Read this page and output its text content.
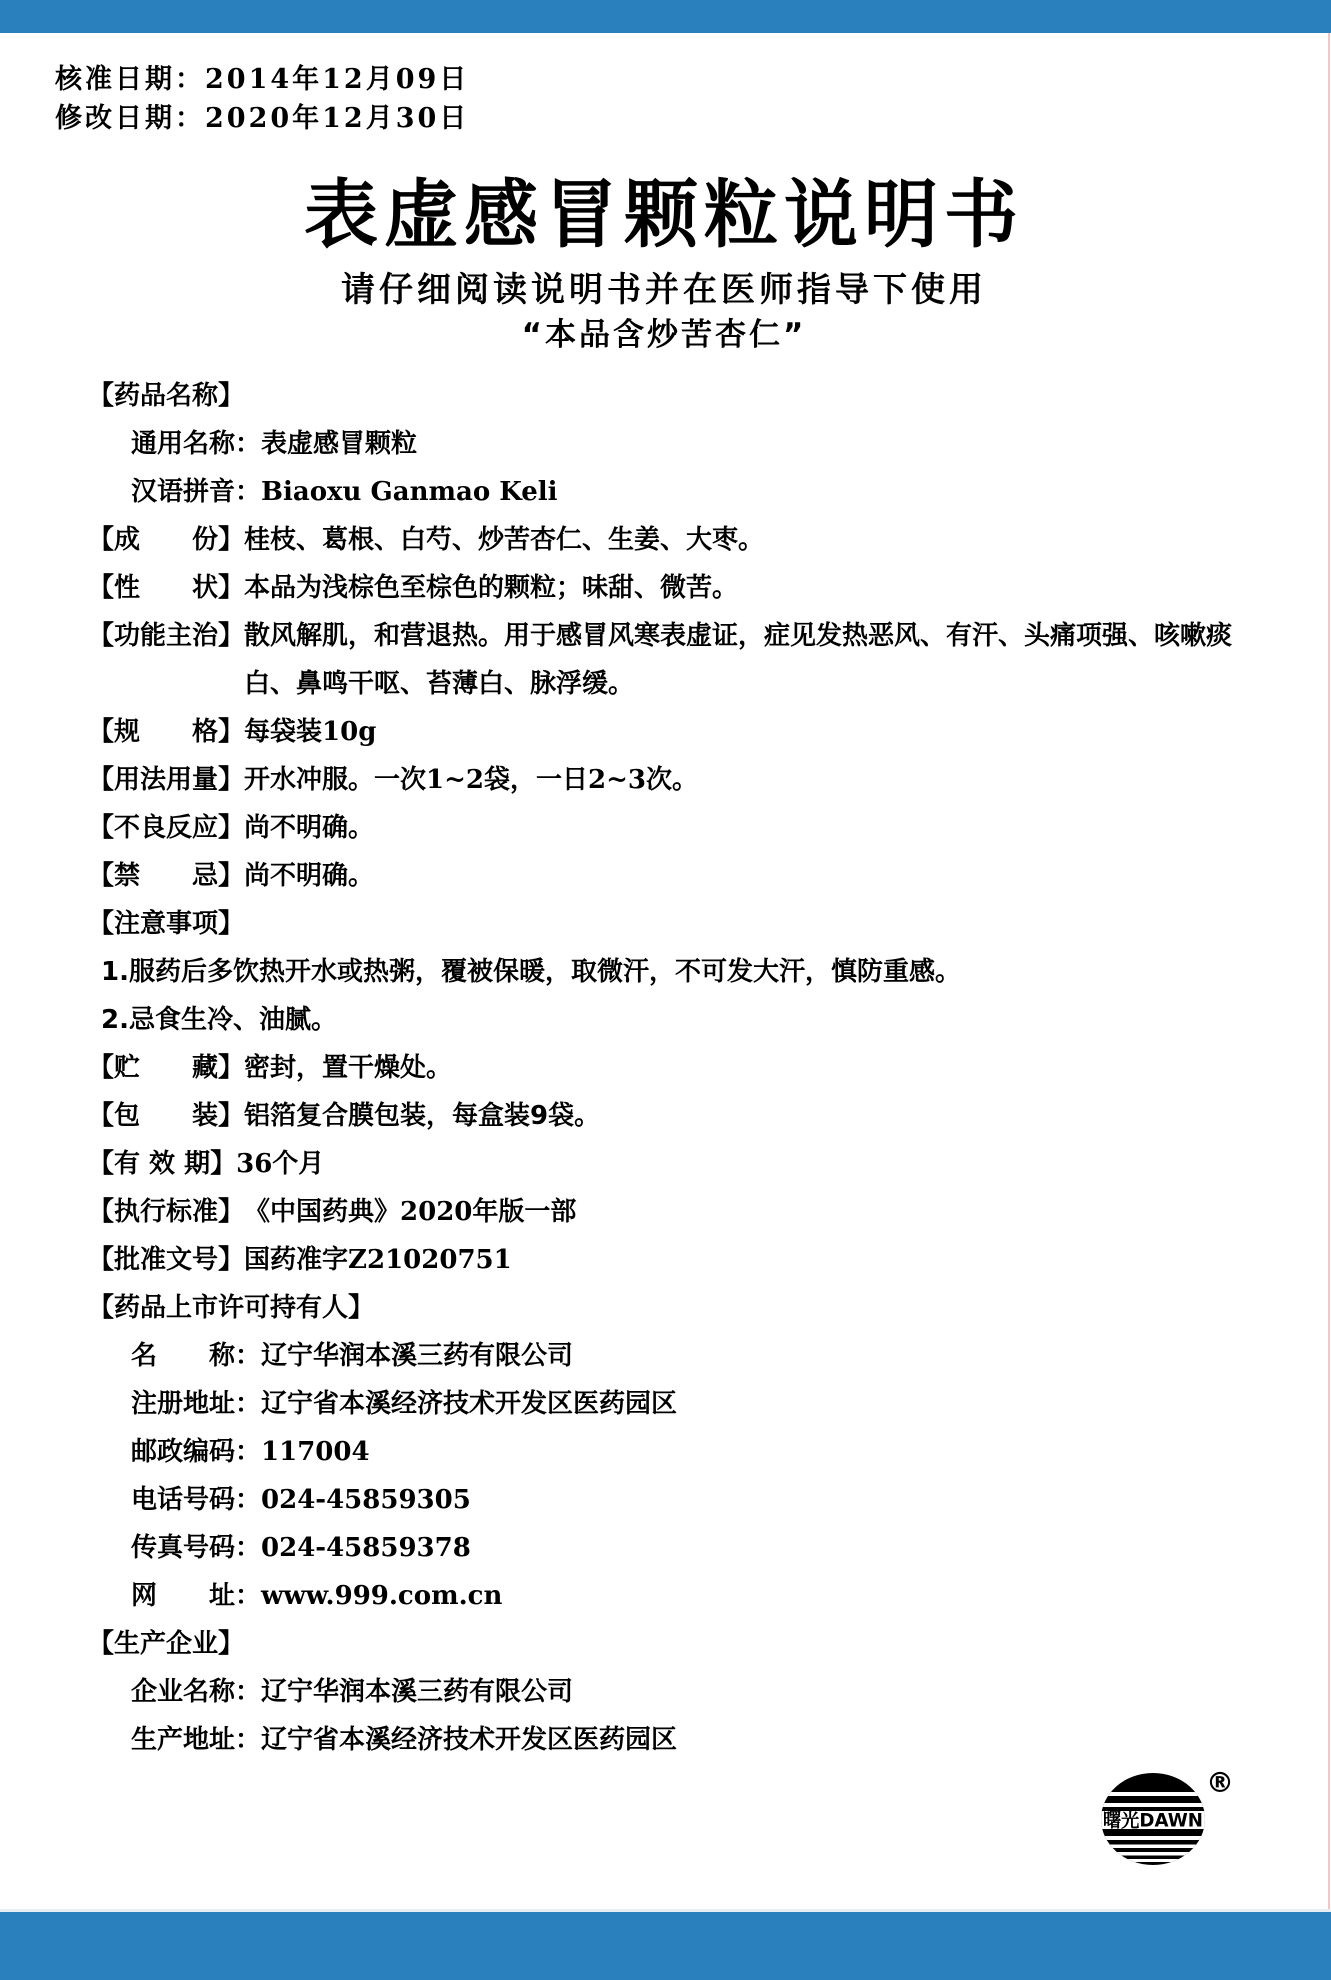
核准日期：2014年12月09日
修改日期：2020年12月30日
表虚感冒颗粒说明书
请仔细阅读说明书并在医师指导下使用
“本品含炒苦杏仁”
【药品名称】
通用名称： 表虚感冒颗粒
汉语拼音： Biaoxu Ganmao Keli
【成　　份】 桂枝、葛根、白芍、炒苦杏仁、生姜、大枣。
【性　　状】 本品为浅棕色至棕色的颗粒；味甜、微苦。
【功能主治】 散风解肌，和营退热。用于感冒风寒表虚证，症见发热恶风、有汗、头痛项强、咳嗽痰白、鼻鸣干呕、苔薄白、脉浮缓。
【规　　格】 每袋装10g
【用法用量】 开水冲服。一次1~2袋，一日2~3次。
【不良反应】 尚不明确。
【禁　　忌】 尚不明确。
【注意事项】
1.服药后多饮热开水或热粥，覆被保暖，取微汗，不可发大汗，慎防重感。
2.忌食生冷、油腻。
【贮　　藏】 密封，置干燥处。
【包　　装】 铝箔复合膜包装，每盒装9袋。
【有 效 期】 36个月
【执行标准】 《中国药典》2020年版一部
【批准文号】 国药准字Z21020751
【药品上市许可持有人】
名　　称： 辽宁华润本溪三药有限公司
注册地址： 辽宁省本溪经济技术开发区医药园区
邮政编码： 117004
电话号码： 024-45859305
传真号码： 024-45859378
网　　址： www.999.com.cn
【生产企业】
企业名称： 辽宁华润本溪三药有限公司
生产地址： 辽宁省本溪经济技术开发区医药园区
曙光DAWN
®
